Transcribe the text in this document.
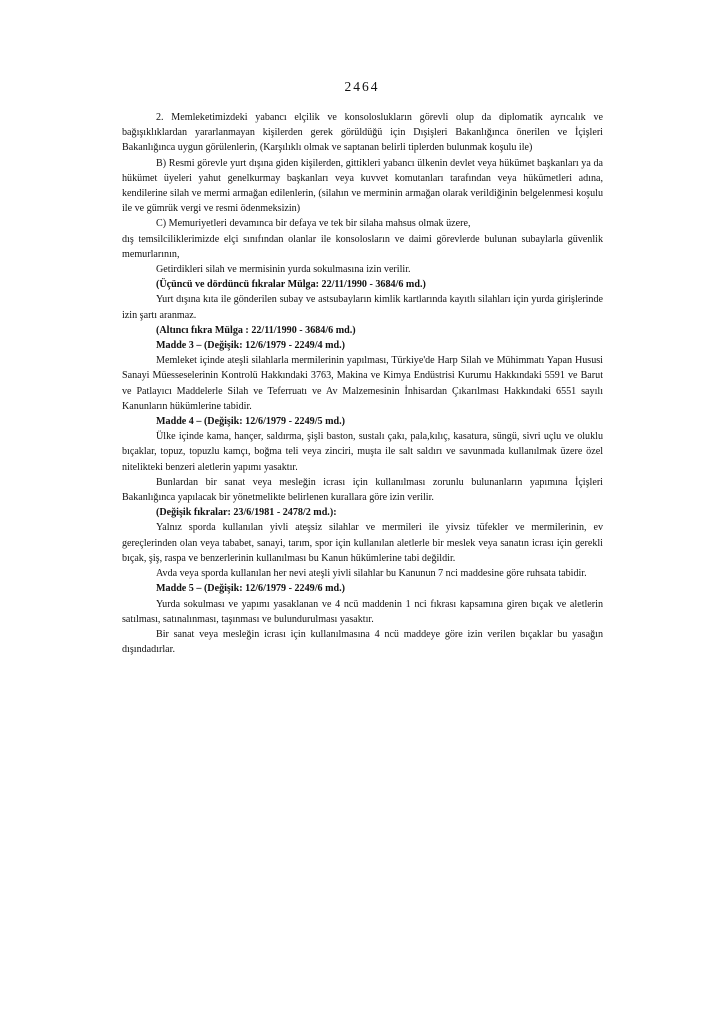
2464

2. Memleketimizdeki yabancı elçilik ve konsoloslukların görevli olup da diplomatik ayrıcalık ve bağışıklıklardan yararlanmayan kişilerden gerek görüldüğü için Dışişleri Bakanlığınca önerilen ve İçişleri Bakanlığınca uygun görülenlerin, (Karşılıklı olmak ve saptanan belirli tiplerden bulunmak koşulu ile)

B) Resmi görevle yurt dışına giden kişilerden, gittikleri yabancı ülkenin devlet veya hükümet başkanları ya da hükümet üyeleri yahut genelkurmay başkanları veya kuvvet komutanları tarafından veya hükümetleri adına, kendilerine silah ve mermi armağan edilenlerin, (silahın ve merminin armağan olarak verildiğinin belgelenmesi koşulu ile ve gümrük vergi ve resmi ödenmeksizin)

C) Memuriyetleri devamınca bir defaya ve tek bir silaha mahsus olmak üzere,

dış temsilciliklerimizde elçi sınıfından olanlar ile konsolosların ve daimi görevlerde bulunan subaylarla güvenlik memurlarının,

Getirdikleri silah ve mermisinin yurda sokulmasına izin verilir.

(Üçüncü ve dördüncü fıkralar Mülga: 22/11/1990 - 3684/6 md.)

Yurt dışına kıta ile gönderilen subay ve astsubayların kimlik kartlarında kayıtlı silahları için yurda girişlerinde izin şartı aranmaz.

(Altıncı fıkra Mülga : 22/11/1990 - 3684/6 md.)

Madde 3 – (Değişik: 12/6/1979 - 2249/4 md.)

Memleket içinde ateşli silahlarla mermilerinin yapılması, Türkiye'de Harp Silah ve Mühimmatı Yapan Hususi Sanayi Müesseselerinin Kontrolü Hakkındaki 3763, Makina ve Kimya Endüstrisi Kurumu Hakkındaki 5591 ve Barut ve Patlayıcı Maddelerle Silah ve Teferruatı ve Av Malzemesinin İnhisardan Çıkarılması Hakkındaki 6551 sayılı Kanunların hükümlerine tabidir.

Madde 4 – (Değişik: 12/6/1979 - 2249/5 md.)

Ülke içinde kama, hançer, saldırma, şişli baston, sustalı çakı, pala,kılıç, kasatura, süngü, sivri uçlu ve oluklu bıçaklar, topuz, topuzlu kamçı, boğma teli veya zinciri, muşta ile salt saldırı ve savunmada kullanılmak üzere özel nitelikteki benzeri aletlerin yapımı yasaktır.

Bunlardan bir sanat veya mesleğin icrası için kullanılması zorunlu bulunanların yapımına İçişleri Bakanlığınca yapılacak bir yönetmelikte belirlenen kurallara göre izin verilir.

(Değişik fıkralar: 23/6/1981 - 2478/2 md.):

Yalnız sporda kullanılan yivli ateşsiz silahlar ve mermileri ile yivsiz tüfekler ve mermilerinin, ev gereçlerinden olan veya tababet, sanayi, tarım, spor için kullanılan aletlerle bir meslek veya sanatın icrası için gerekli bıçak, şiş, raspa ve benzerlerinin kullanılması bu Kanun hükümlerine tabi değildir.

Avda veya sporda kullanılan her nevi ateşli yivli silahlar bu Kanunun 7 nci maddesine göre ruhsata tabidir.

Madde 5 – (Değişik: 12/6/1979 - 2249/6 md.)

Yurda sokulması ve yapımı yasaklanan ve 4 ncü maddenin 1 nci fıkrası kapsamına giren bıçak ve aletlerin satılması, satınalınması, taşınması ve bulundurulması yasaktır.

Bir sanat veya mesleğin icrası için kullanılmasına 4 ncü maddeye göre izin verilen bıçaklar bu yasağın dışındadırlar.
